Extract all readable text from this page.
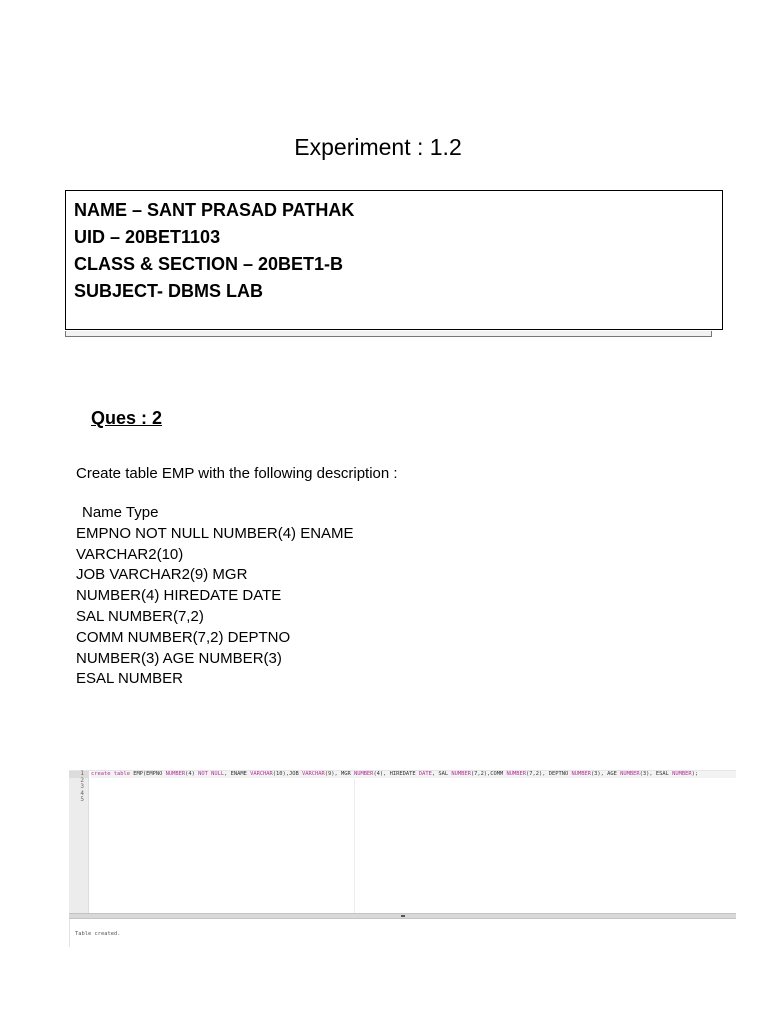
Experiment : 1.2
NAME – SANT PRASAD PATHAK
UID – 20BET1103
CLASS & SECTION – 20BET1-B
SUBJECT- DBMS LAB
Ques : 2
Create table EMP with the following description :
Name Type
EMPNO NOT NULL NUMBER(4) ENAME
VARCHAR2(10)
JOB VARCHAR2(9) MGR
NUMBER(4) HIREDATE DATE
SAL NUMBER(7,2)
COMM NUMBER(7,2) DEPTNO
NUMBER(3) AGE NUMBER(3)
ESAL NUMBER
1
2
3
4
5
create table EMP(EMPNO NUMBER(4) NOT NULL, ENAME VARCHAR(10),JOB VARCHAR(9), MGR NUMBER(4), HIREDATE DATE, SAL NUMBER(7,2),COMM NUMBER(7,2), DEPTNO NUMBER(3), AGE NUMBER(3), ESAL NUMBER);
Table created.
